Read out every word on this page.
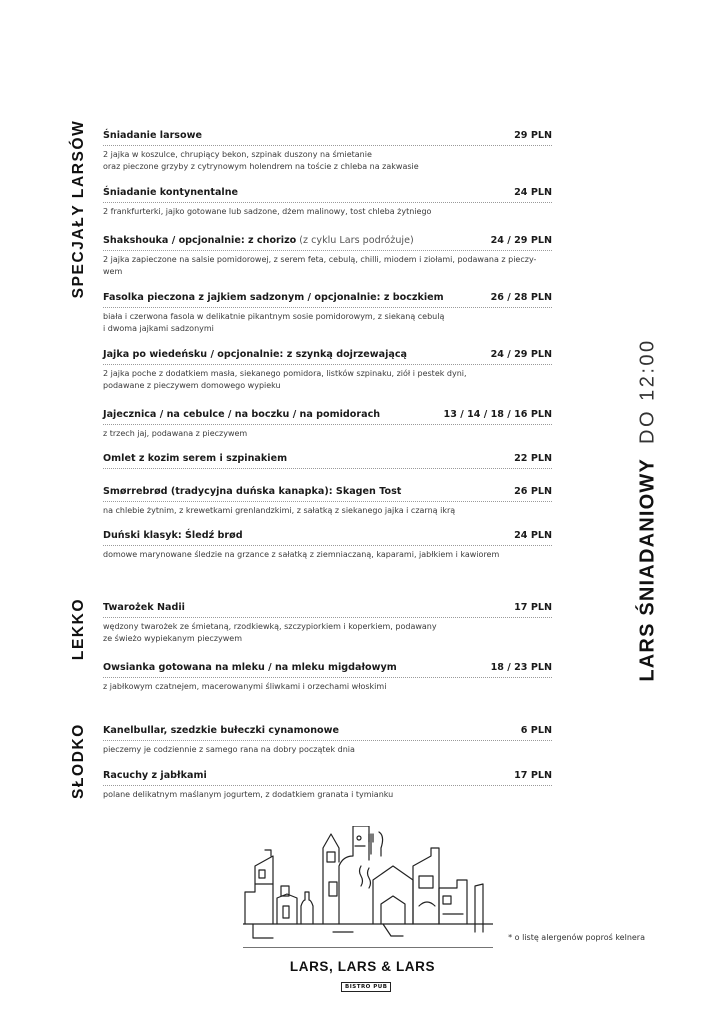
SPECJAŁY LARSÓW
LEKKO
SŁODKO
LARS ŚNIADANIOWYDO 12:00
Śniadanie larsowe	29 PLN
2 jajka w koszulce, chrupiący bekon, szpinak duszony na śmietanie
oraz pieczone grzyby z cytrynowym holendrem na toście z chleba na zakwasie
Śniadanie kontynentalne	24 PLN
2 frankfurterki, jajko gotowane lub sadzone, dżem malinowy, tost chleba żytniego
Shakshouka / opcjonalnie: z chorizo (z cyklu Lars podróżuje)	24 / 29 PLN
2 jajka zapieczone na salsie pomidorowej, z serem feta, cebulą, chilli, miodem i ziołami, podawana z pieczy-
wem
Fasolka pieczona z jajkiem sadzonym / opcjonalnie: z boczkiem	26 / 28 PLN
biała i czerwona fasola w delikatnie pikantnym sosie pomidorowym, z siekaną cebulą
i dwoma jajkami sadzonymi
Jajka po wiedeńsku / opcjonalnie: z szynką dojrzewającą	24 / 29 PLN
2 jajka poche z dodatkiem masła, siekanego pomidora, listków szpinaku, ziół i pestek dyni,
podawane z pieczywem domowego wypieku
Jajecznica / na cebulce / na boczku / na pomidorach	13 / 14 / 18 / 16 PLN
z trzech jaj, podawana z pieczywem
Omlet z kozim serem i szpinakiem	22 PLN
Smørrebrød (tradycyjna duńska kanapka): Skagen Tost	26 PLN
na chlebie żytnim, z krewetkami grenlandzkimi, z sałatką z siekanego jajka i czarną ikrą
Duński klasyk: Śledź brød	24 PLN
domowe marynowane śledzie na grzance z sałatką z ziemniaczaną, kaparami, jabłkiem i kawiorem
Twarożek Nadii	17 PLN
wędzony twarożek ze śmietaną, rzodkiewką, szczypiorkiem i koperkiem, podawany
ze świeżo wypiekanym pieczywem
Owsianka gotowana na mleku / na mleku migdałowym	18 / 23 PLN
z jabłkowym czatnejem, macerowanymi śliwkami i orzechami włoskimi
Kanelbullar, szedzkie bułeczki cynamonowe	6 PLN
pieczemy je codziennie z samego rana na dobry początek dnia
Racuchy z jabłkami	17 PLN
polane delikatnym maślanym jogurtem, z dodatkiem granata i tymianku
* o listę alergenów poproś kelnera
LARS, LARS & LARS
BISTRO PUB
